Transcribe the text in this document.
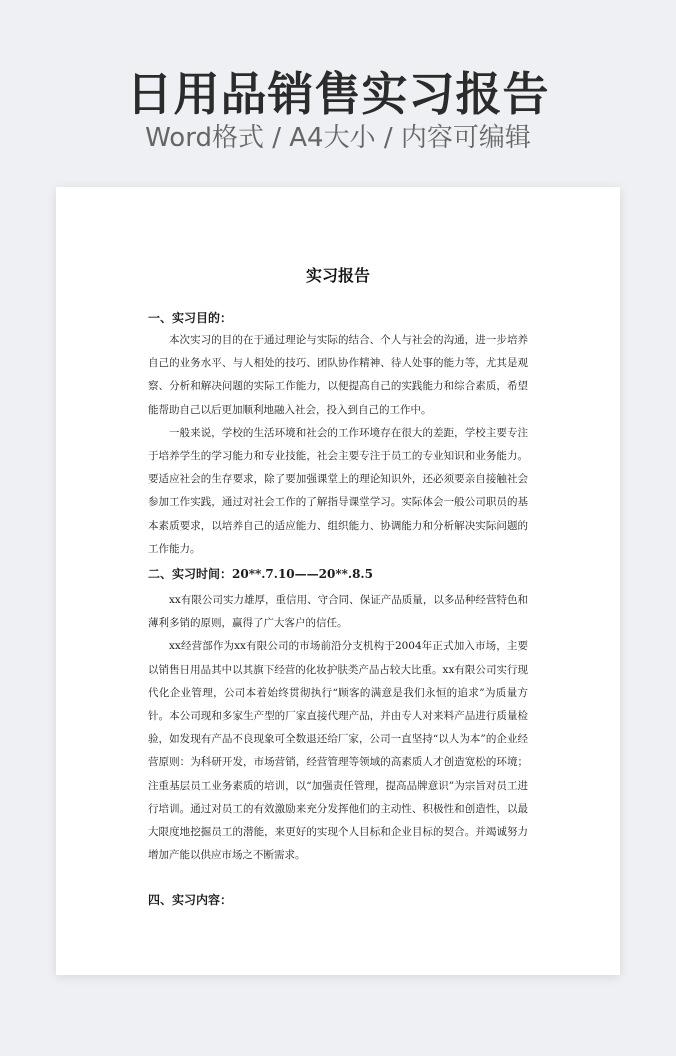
日用品销售实习报告
Word格式 / A4大小 / 内容可编辑
实习报告

一、实习目的：

本次实习的目的在于通过理论与实际的结合、个人与社会的沟通，进一步培养自己的业务水平、与人相处的技巧、团队协作精神、待人处事的能力等，尤其是观察、分析和解决问题的实际工作能力，以便提高自己的实践能力和综合素质，希望能帮助自己以后更加顺利地融入社会，投入到自己的工作中。

一般来说，学校的生活环境和社会的工作环境存在很大的差距，学校主要专注于培养学生的学习能力和专业技能，社会主要专注于员工的专业知识和业务能力。要适应社会的生存要求，除了要加强课堂上的理论知识外，还必须要亲自接触社会参加工作实践，通过对社会工作的了解指导课堂学习。实际体会一般公司职员的基本素质要求，以培养自己的适应能力、组织能力、协调能力和分析解决实际问题的工作能力。

二、实习时间：20**.7.10——20**.8.5

xx有限公司实力雄厚，重信用、守合同、保证产品质量，以多品种经营特色和薄利多销的原则，赢得了广大客户的信任。

xx经营部作为xx有限公司的市场前沿分支机构于2004年正式加入市场，主要以销售日用品其中以其旗下经营的化妆护肤类产品占较大比重。xx有限公司实行现代化企业管理，公司本着始终贯彻执行“顾客的满意是我们永恒的追求”为质量方针。本公司现和多家生产型的厂家直接代理产品，并由专人对来料产品进行质量检验，如发现有产品不良现象可全数退还给厂家，公司一直坚持“以人为本”的企业经营原则：为科研开发，市场营销，经营管理等领域的高素质人才创造宽松的环境；注重基层员工业务素质的培训，以“加强责任管理，提高品牌意识”为宗旨对员工进行培训。通过对员工的有效激励来充分发挥他们的主动性、积极性和创造性，以最大限度地挖掘员工的潜能，来更好的实现个人目标和企业目标的契合。并竭诚努力增加产能以供应市场之不断需求。

四、实习内容：
